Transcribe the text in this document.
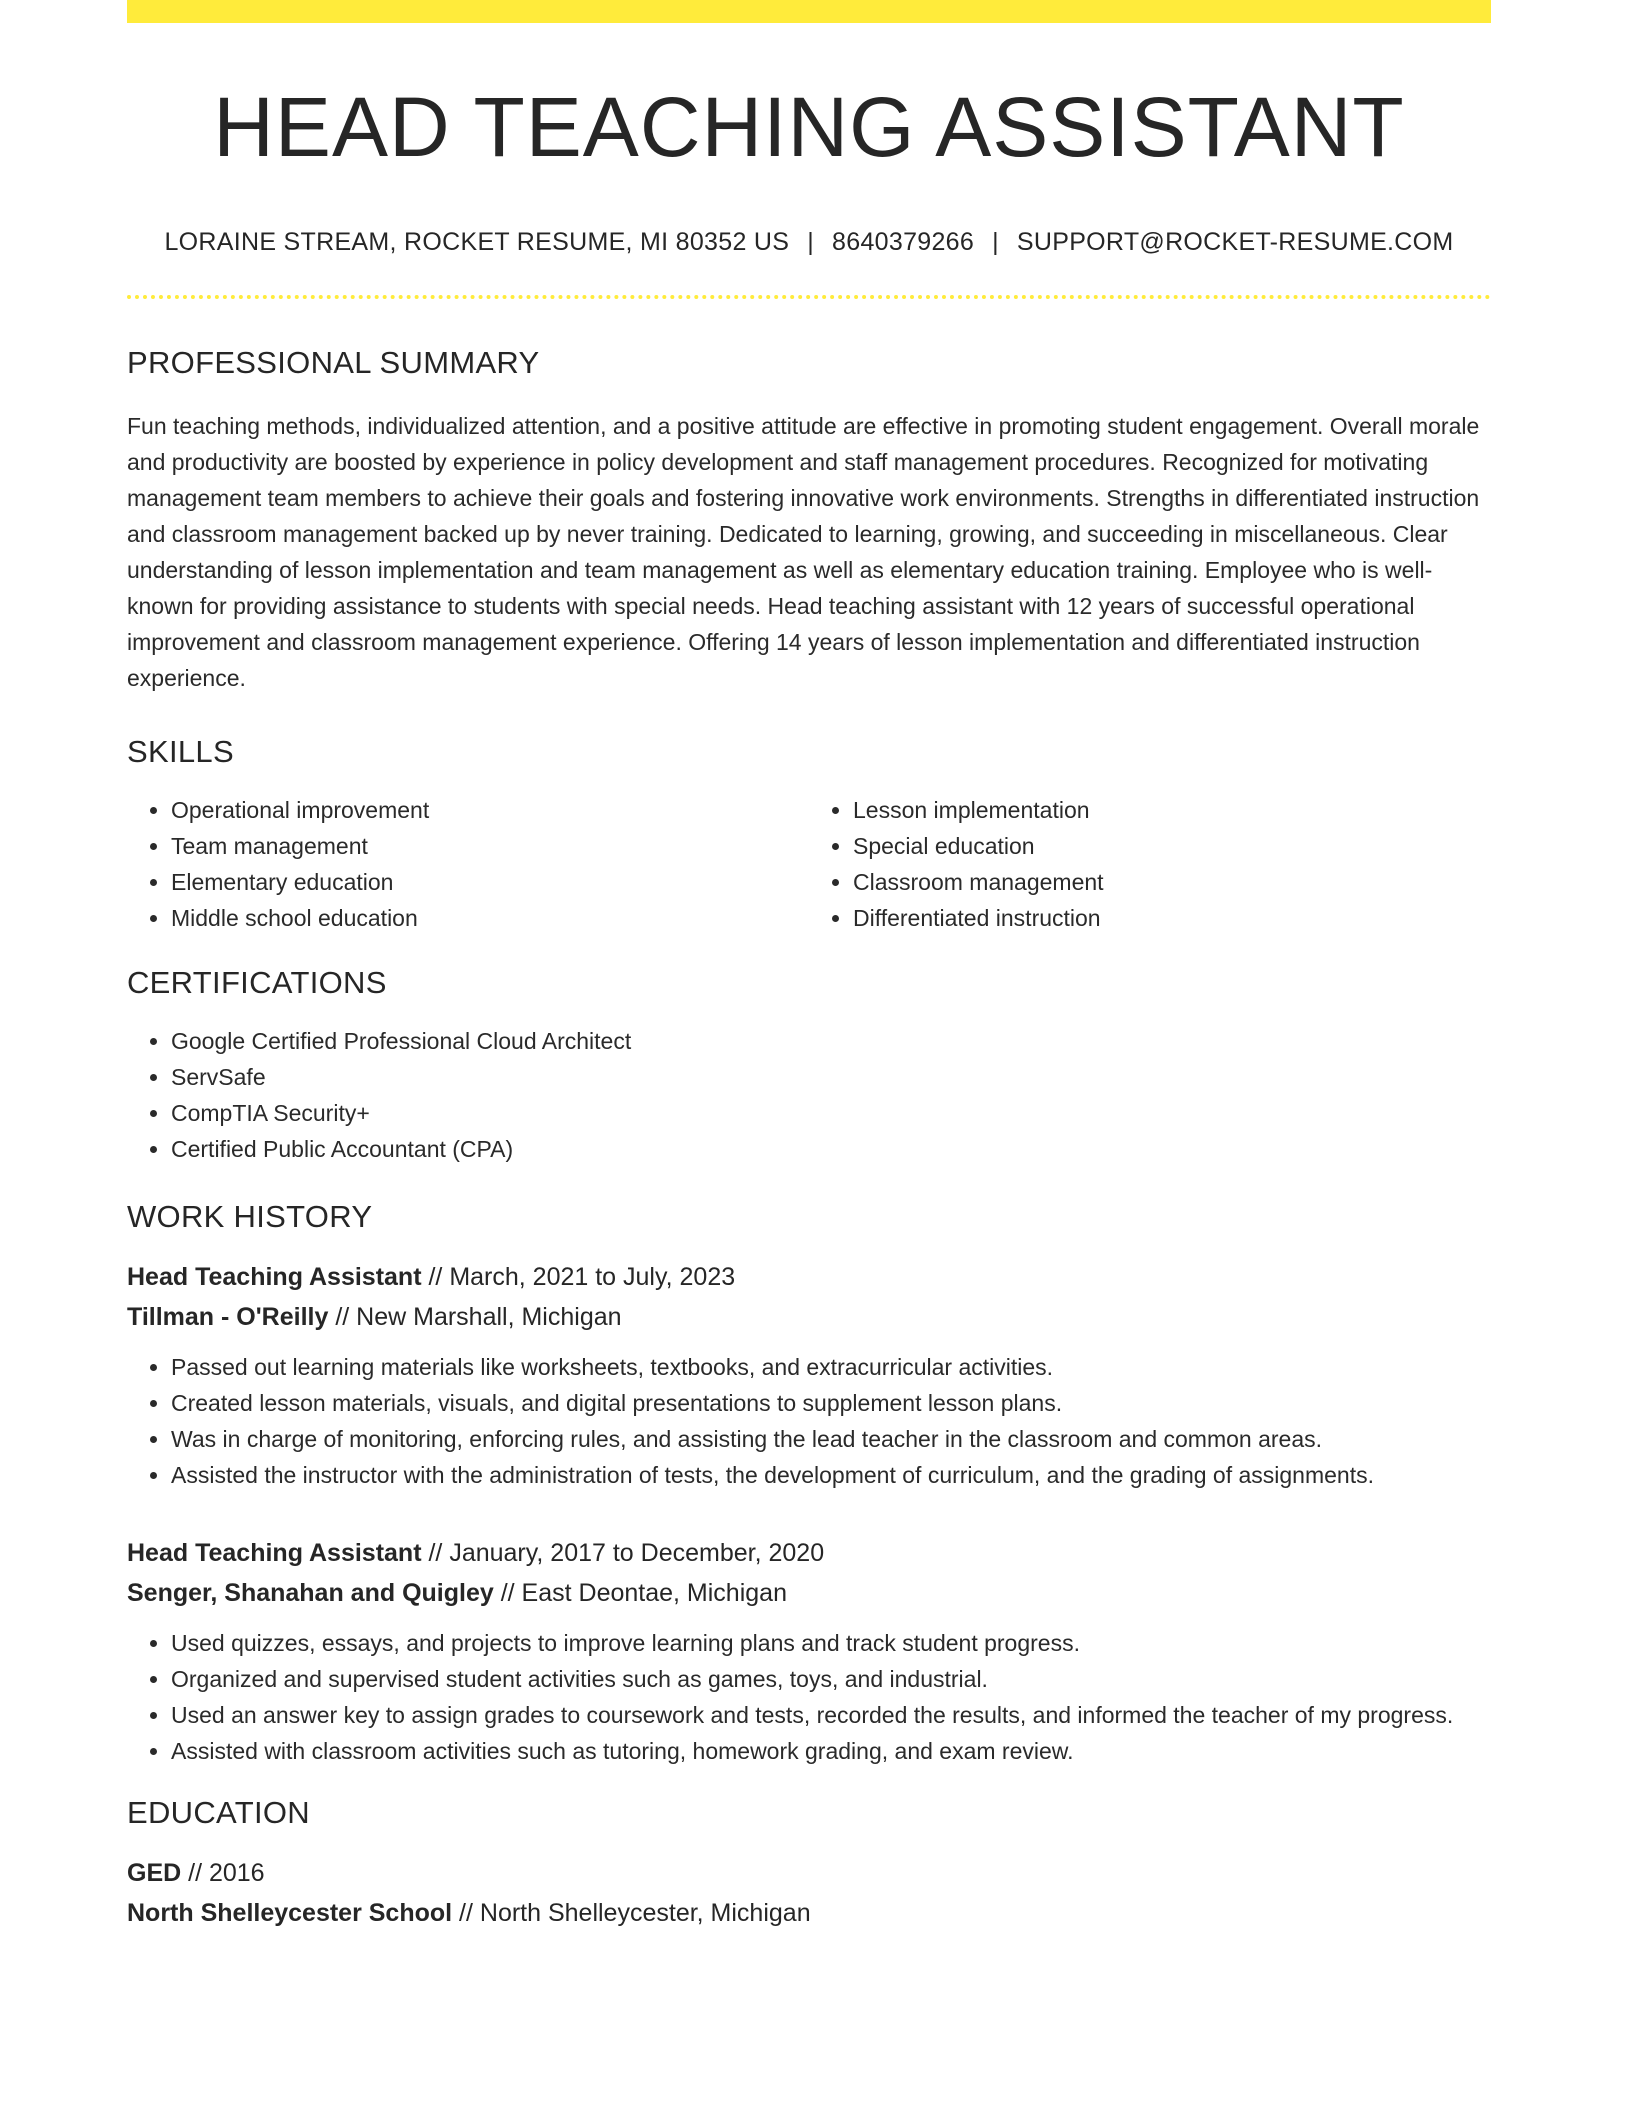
HEAD TEACHING ASSISTANT
LORAINE STREAM, ROCKET RESUME, MI 80352 US | 8640379266 | SUPPORT@ROCKET-RESUME.COM
PROFESSIONAL SUMMARY

Fun teaching methods, individualized attention, and a positive attitude are effective in promoting student engagement. Overall morale and productivity are boosted by experience in policy development and staff management procedures. Recognized for motivating management team members to achieve their goals and fostering innovative work environments. Strengths in differentiated instruction and classroom management backed up by never training. Dedicated to learning, growing, and succeeding in miscellaneous. Clear understanding of lesson implementation and team management as well as elementary education training. Employee who is well-known for providing assistance to students with special needs. Head teaching assistant with 12 years of successful operational improvement and classroom management experience. Offering 14 years of lesson implementation and differentiated instruction experience.

SKILLS
• Operational improvement
• Team management
• Elementary education
• Middle school education
• Lesson implementation
• Special education
• Classroom management
• Differentiated instruction
CERTIFICATIONS
• Google Certified Professional Cloud Architect
• ServSafe
• CompTIA Security+
• Certified Public Accountant (CPA)
WORK HISTORY
Head Teaching Assistant // March, 2021 to July, 2023
Tillman - O'Reilly // New Marshall, Michigan
• Passed out learning materials like worksheets, textbooks, and extracurricular activities.
• Created lesson materials, visuals, and digital presentations to supplement lesson plans.
• Was in charge of monitoring, enforcing rules, and assisting the lead teacher in the classroom and common areas.
• Assisted the instructor with the administration of tests, the development of curriculum, and the grading of assignments.
Head Teaching Assistant // January, 2017 to December, 2020
Senger, Shanahan and Quigley // East Deontae, Michigan
• Used quizzes, essays, and projects to improve learning plans and track student progress.
• Organized and supervised student activities such as games, toys, and industrial.
• Used an answer key to assign grades to coursework and tests, recorded the results, and informed the teacher of my progress.
• Assisted with classroom activities such as tutoring, homework grading, and exam review.
EDUCATION
GED // 2016
North Shelleycester School // North Shelleycester, Michigan
